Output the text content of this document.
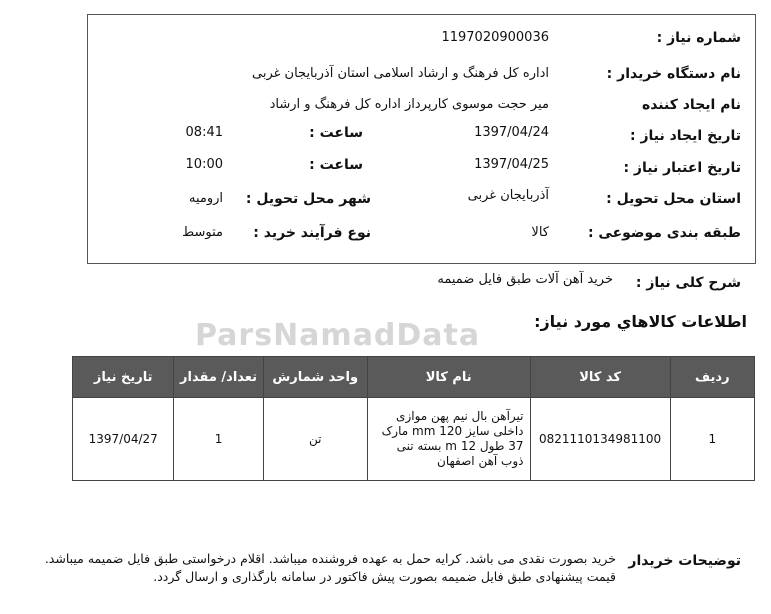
ParsNamadData
شماره نیاز :
1197020900036
نام دستگاه خریدار :
اداره کل فرهنگ و ارشاد اسلامی استان آذربایجان غربی
نام ایجاد کننده
میر حجت موسوی کارپرداز اداره کل فرهنگ و ارشاد
تاریخ ایجاد نیاز :
1397/04/24
ساعت :
08:41
تاریخ اعتبار نیاز :
1397/04/25
ساعت :
10:00
استان محل تحویل :
آذربایجان غربی
شهر محل تحویل :
ارومیه
طبقه بندی موضوعی :
کالا
نوع فرآیند خرید :
متوسط
شرح کلی نیاز :
خرید آهن آلات طبق فایل ضمیمه
اطلاعات کالاهاي مورد نياز:
ردیف	کد کالا	نام کالا	واحد شمارش	تعداد/ مقدار	تاریخ نیاز
1	0821110134981100	تیرآهن بال نیم پهن موازی داخلی سایز 120 mm مارک 37 طول 12 m بسته تنی ذوب آهن اصفهان	تن	1	1397/04/27
توضیحات خریدار
خرید بصورت نقدی می باشد. کرایه حمل به عهده فروشنده میباشد. اقلام درخواستی طبق فایل ضمیمه میباشد. قیمت پیشنهادی طبق فایل ضمیمه بصورت پیش فاکتور در سامانه بارگذاری و ارسال گردد.
